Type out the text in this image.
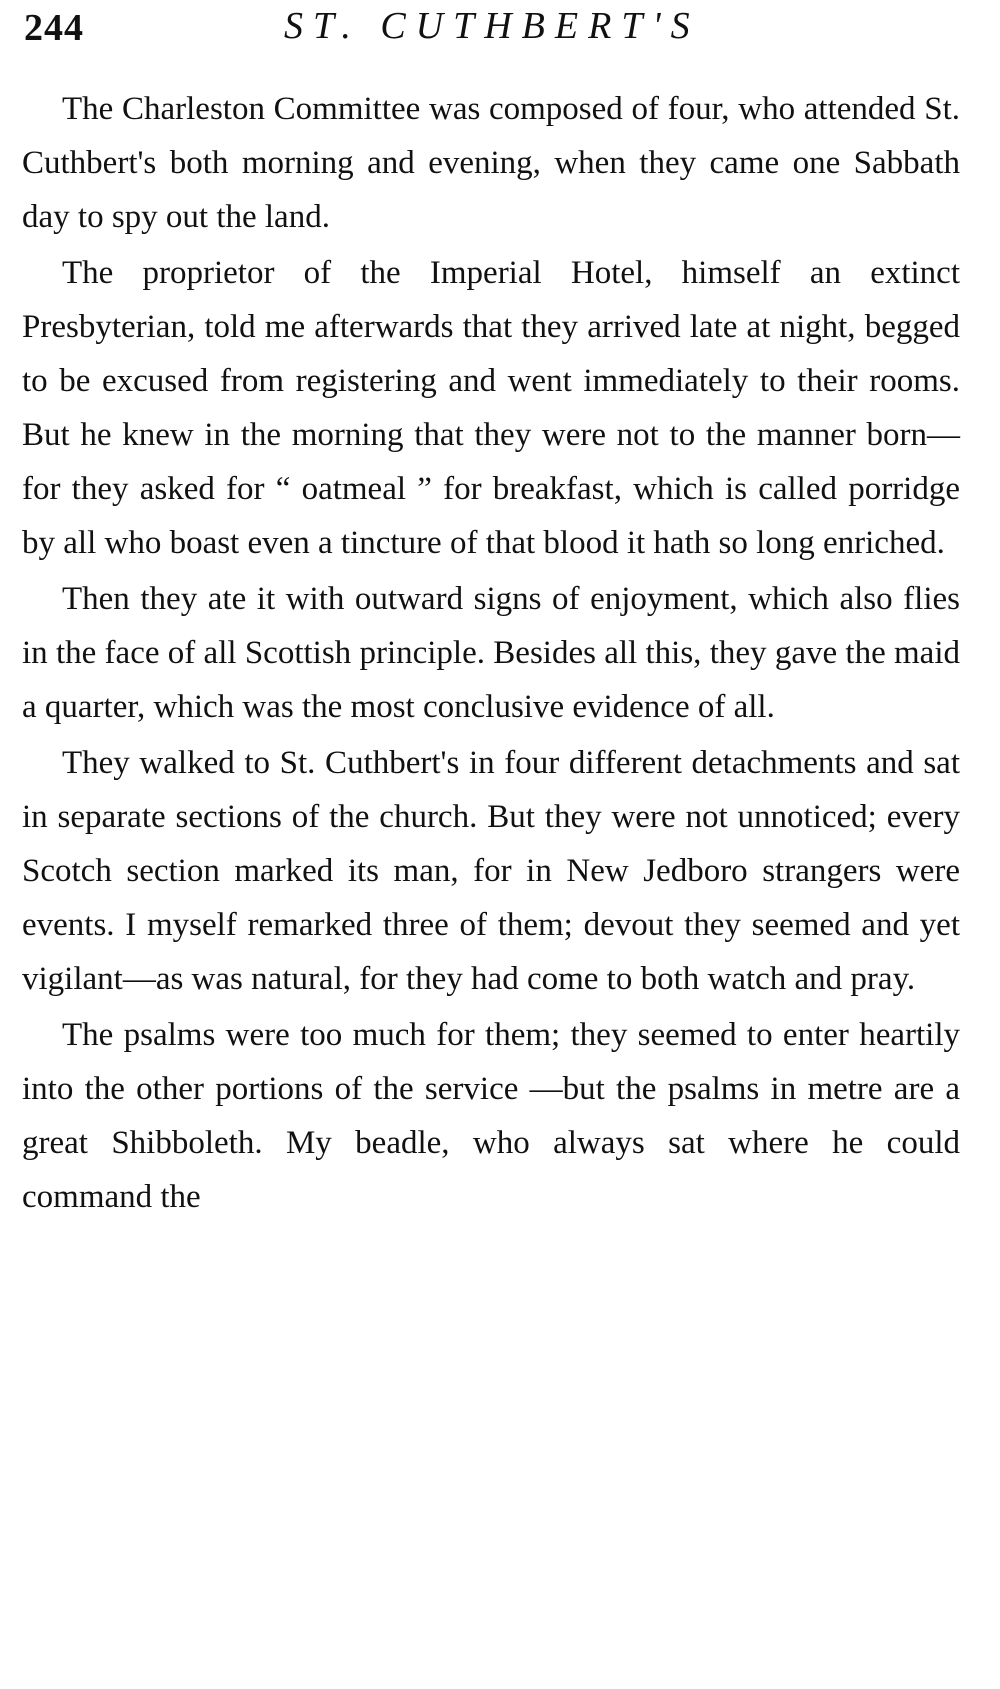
244	ST. CUTHBERT'S

The Charleston Committee was composed of four, who attended St. Cuthbert's both morning and evening, when they came one Sabbath day to spy out the land.

The proprietor of the Imperial Hotel, himself an extinct Presbyterian, told me afterwards that they arrived late at night, begged to be excused from registering and went immediately to their rooms. But he knew in the morning that they were not to the manner born—for they asked for “ oatmeal ” for breakfast, which is called porridge by all who boast even a tincture of that blood it hath so long enriched.

Then they ate it with outward signs of enjoyment, which also flies in the face of all Scottish principle. Besides all this, they gave the maid a quarter, which was the most conclusive evidence of all.

They walked to St. Cuthbert's in four different detachments and sat in separate sections of the church. But they were not unnoticed; every Scotch section marked its man, for in New Jedboro strangers were events. I myself remarked three of them; devout they seemed and yet vigilant—as was natural, for they had come to both watch and pray.

The psalms were too much for them; they seemed to enter heartily into the other portions of the service —but the psalms in metre are a great Shibboleth. My beadle, who always sat where he could command the
